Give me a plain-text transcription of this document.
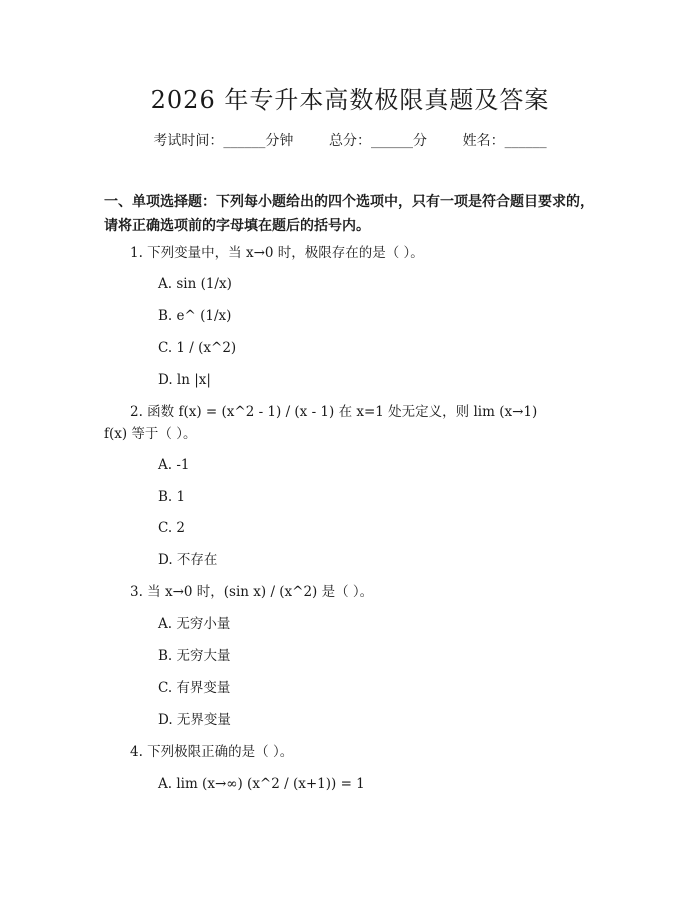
2026 年专升本高数极限真题及答案
考试时间：______分钟	总分：______分	姓名：______
一、单项选择题：下列每小题给出的四个选项中，只有一项是符合题目要求的，
请将正确选项前的字母填在题后的括号内。
1. 下列变量中，当 x→0 时，极限存在的是（ ）。
A. sin (1/x)
B. e^ (1/x)
C. 1 / (x^2)
D. ln |x|
2. 函数 f(x) = (x^2 - 1) / (x - 1) 在 x=1 处无定义，则 lim (x→1)
f(x) 等于（ ）。
A. -1
B. 1
C. 2
D. 不存在
3. 当 x→0 时，(sin x) / (x^2) 是（ ）。
A. 无穷小量
B. 无穷大量
C. 有界变量
D. 无界变量
4. 下列极限正确的是（ ）。
A. lim (x→∞) (x^2 / (x+1)) = 1
